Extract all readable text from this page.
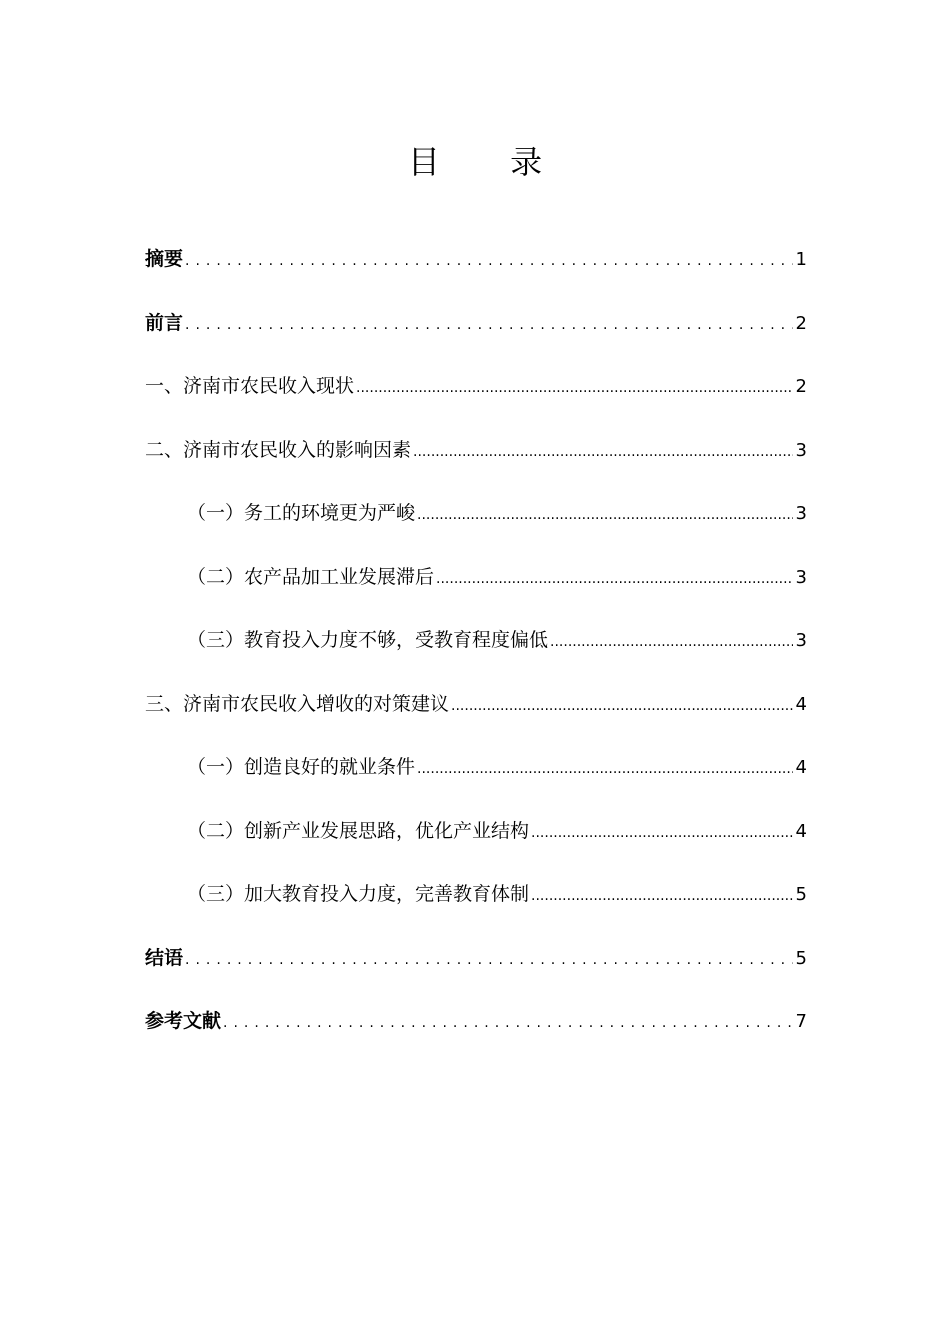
目 录
摘要 .....	1
前言 .....	2
一、济南市农民收入现状 .....	2
二、济南市农民收入的影响因素 .....	3
（一）务工的环境更为严峻 .....	3
（二）农产品加工业发展滞后 .....	3
（三）教育投入力度不够，受教育程度偏低 .....	3
三、济南市农民收入增收的对策建议 .....	4
（一）创造良好的就业条件 .....	4
（二）创新产业发展思路，优化产业结构 .....	4
（三）加大教育投入力度，完善教育体制 .....	5
结语 .....	5
参考文献 .....	7
